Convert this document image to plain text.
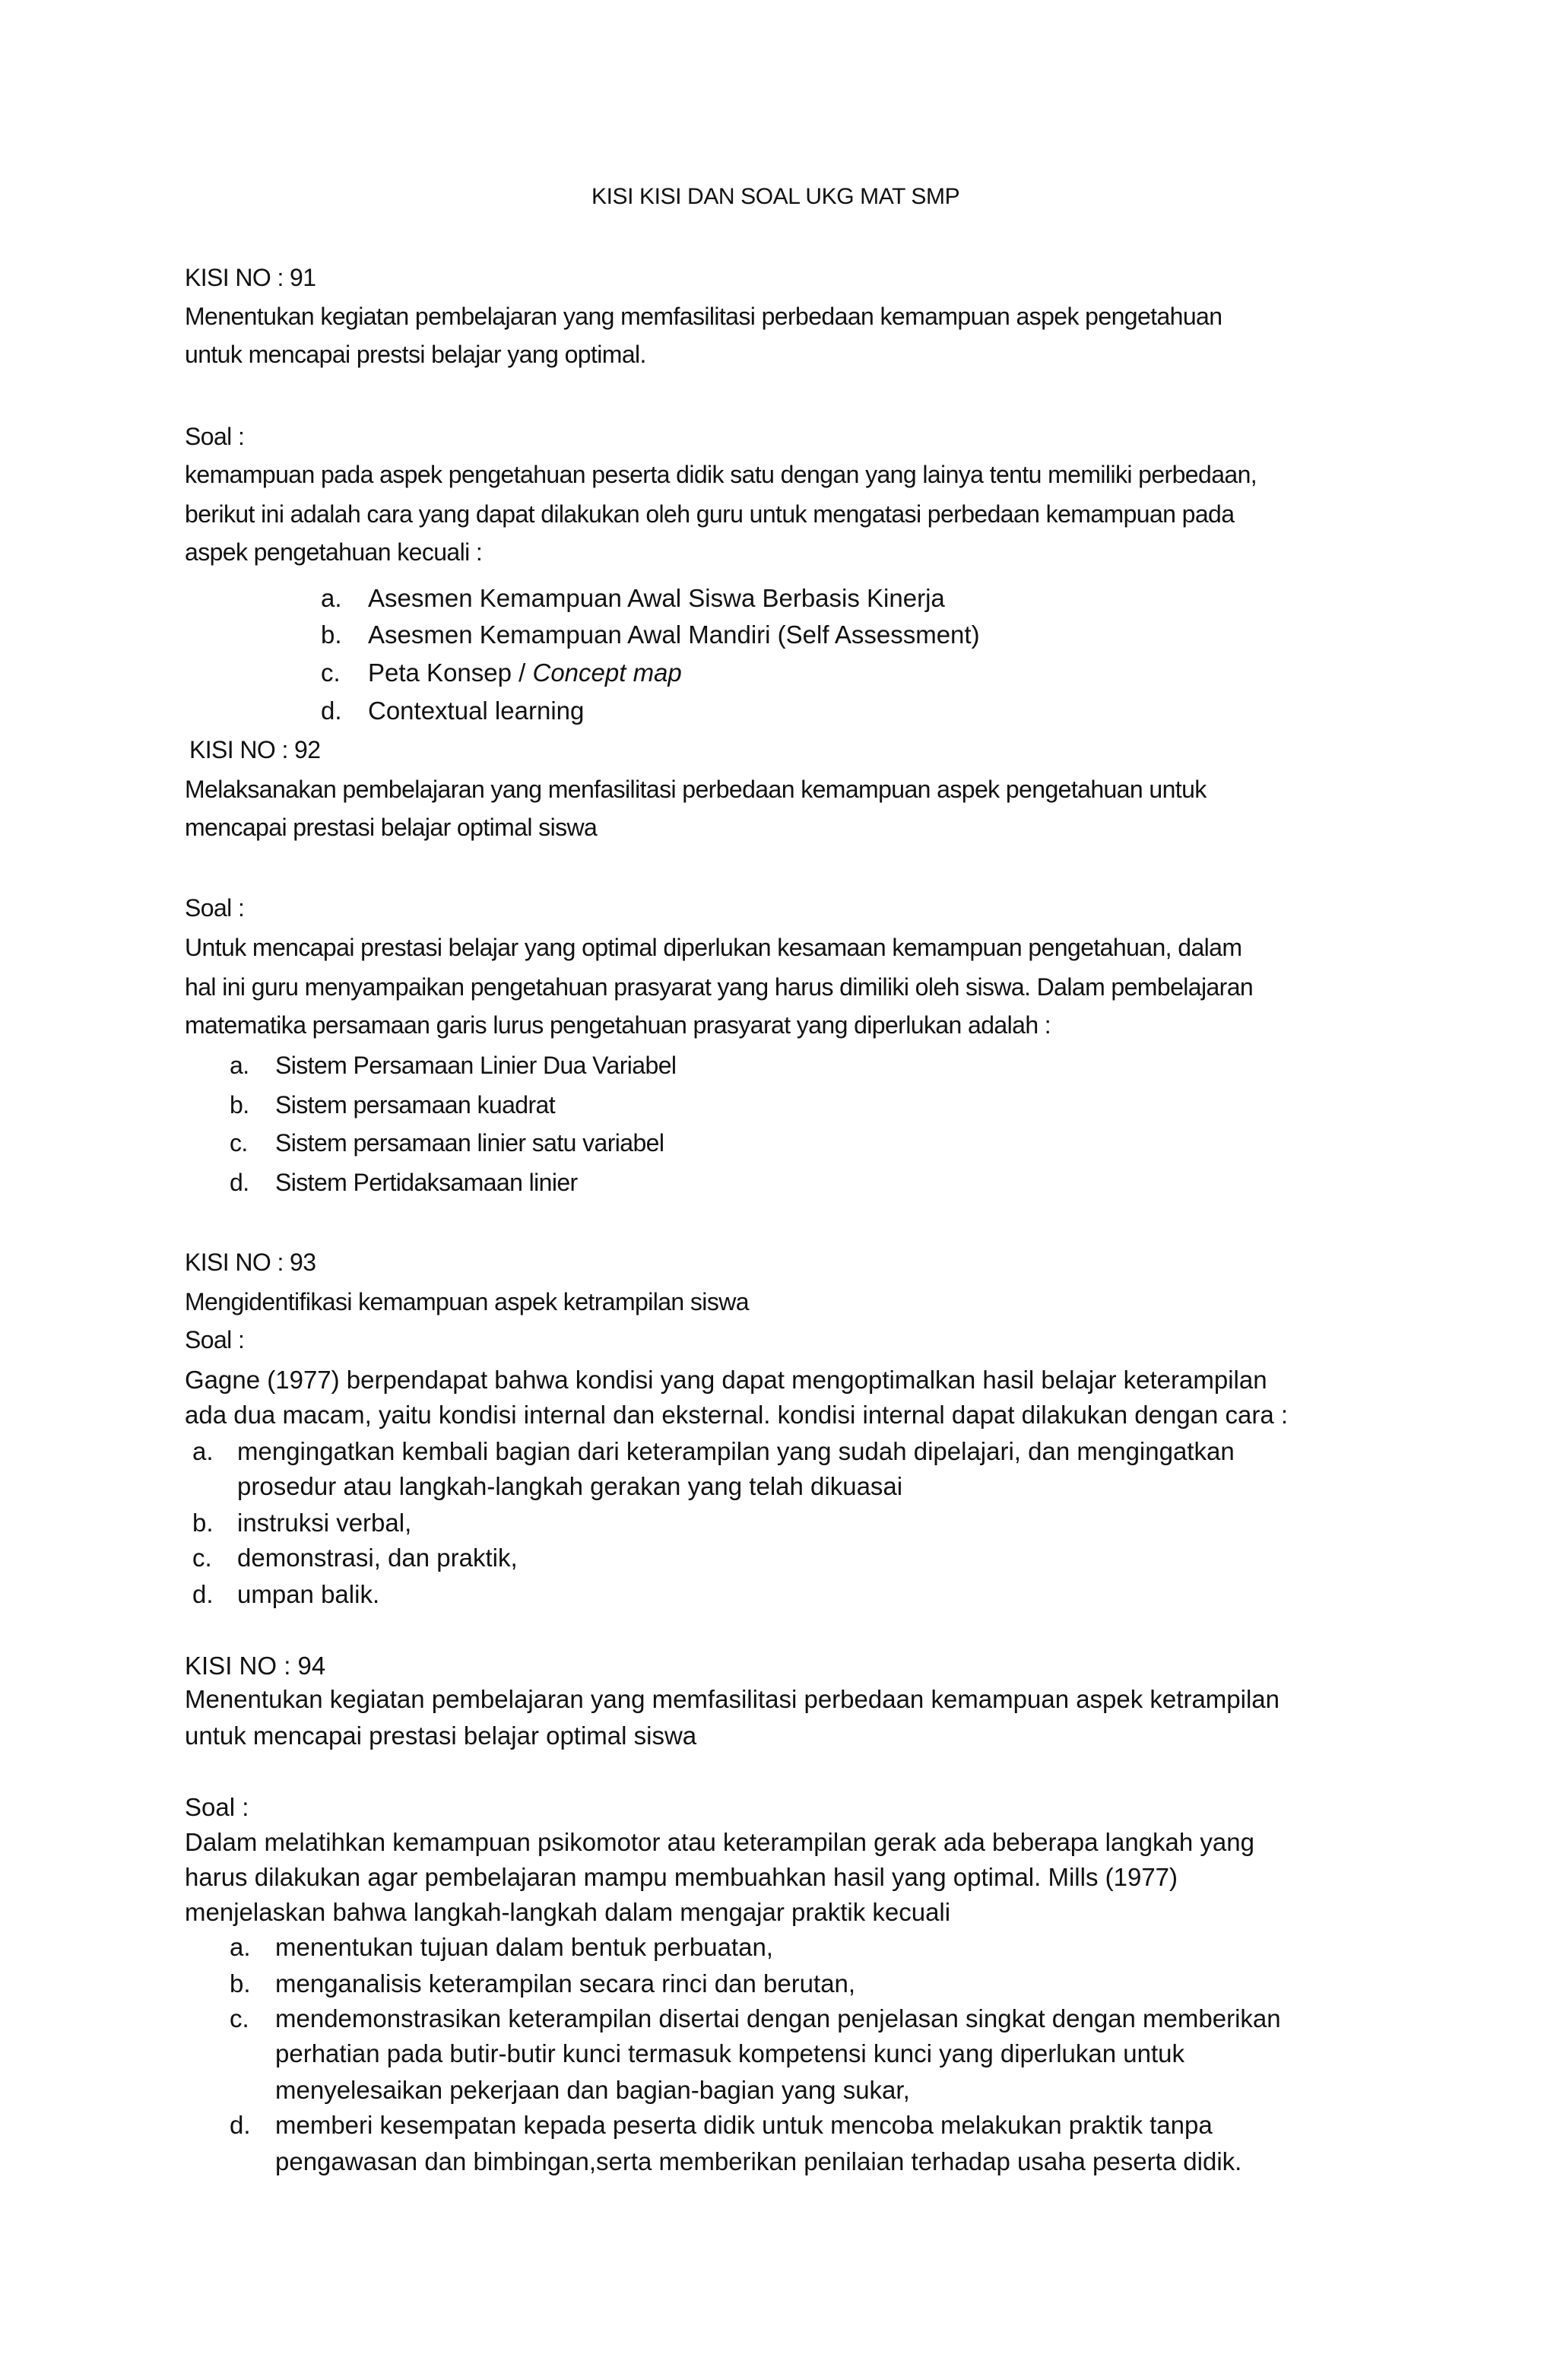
KISI KISI DAN SOAL UKG MAT SMP
KISI NO : 91
Menentukan kegiatan pembelajaran yang memfasilitasi perbedaan kemampuan aspek pengetahuan
untuk mencapai prestsi belajar yang optimal.
Soal :
kemampuan pada aspek pengetahuan peserta didik satu dengan yang lainya tentu memiliki perbedaan,
berikut ini adalah cara yang dapat dilakukan oleh guru untuk mengatasi perbedaan kemampuan pada
aspek pengetahuan kecuali :
a. Asesmen Kemampuan Awal Siswa Berbasis Kinerja
b. Asesmen Kemampuan Awal Mandiri (Self Assessment)
c. Peta Konsep / Concept map
d. Contextual learning
KISI NO : 92
Melaksanakan pembelajaran yang menfasilitasi perbedaan kemampuan aspek pengetahuan untuk
mencapai prestasi belajar optimal siswa
Soal :
Untuk mencapai prestasi belajar yang optimal diperlukan kesamaan kemampuan pengetahuan, dalam
hal ini guru menyampaikan pengetahuan prasyarat yang harus dimiliki oleh siswa. Dalam pembelajaran
matematika persamaan garis lurus pengetahuan prasyarat yang diperlukan adalah :
a. Sistem Persamaan Linier Dua Variabel
b. Sistem persamaan kuadrat
c. Sistem persamaan linier satu variabel
d. Sistem Pertidaksamaan linier
KISI NO : 93
Mengidentifikasi kemampuan aspek ketrampilan siswa
Soal :
Gagne (1977) berpendapat bahwa kondisi yang dapat mengoptimalkan hasil belajar keterampilan
ada dua macam, yaitu kondisi internal dan eksternal. kondisi internal dapat dilakukan dengan cara :
a. mengingatkan kembali bagian dari keterampilan yang sudah dipelajari, dan mengingatkan
prosedur atau langkah-langkah gerakan yang telah dikuasai
b. instruksi verbal,
c. demonstrasi, dan praktik,
d. umpan balik.
KISI NO : 94
Menentukan kegiatan pembelajaran yang memfasilitasi perbedaan kemampuan aspek ketrampilan
untuk mencapai prestasi belajar optimal siswa
Soal :
Dalam melatihkan kemampuan psikomotor atau keterampilan gerak ada beberapa langkah yang
harus dilakukan agar pembelajaran mampu membuahkan hasil yang optimal. Mills (1977)
menjelaskan bahwa langkah-langkah dalam mengajar praktik kecuali
a. menentukan tujuan dalam bentuk perbuatan,
b. menganalisis keterampilan secara rinci dan berutan,
c. mendemonstrasikan keterampilan disertai dengan penjelasan singkat dengan memberikan
perhatian pada butir-butir kunci termasuk kompetensi kunci yang diperlukan untuk
menyelesaikan pekerjaan dan bagian-bagian yang sukar,
d. memberi kesempatan kepada peserta didik untuk mencoba melakukan praktik tanpa
pengawasan dan bimbingan,serta memberikan penilaian terhadap usaha peserta didik.
